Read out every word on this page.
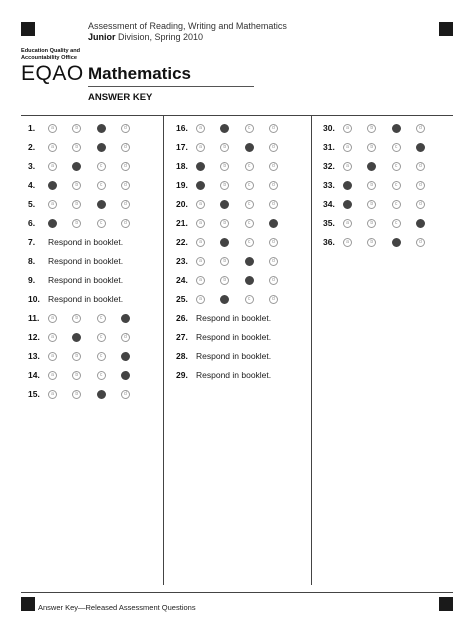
Assessment of Reading, Writing and Mathematics
Junior Division, Spring 2010
Education Quality and
Accountability Office
EQAO Mathematics
ANSWER KEY
1.	a	b	c	d
2.	a	b	c	d
3.	a	b	c	d
4.	a	b	c	d
5.	a	b	c	d
6.	a	b	c	d
7.	Respond in booklet.
8.	Respond in booklet.
9.	Respond in booklet.
10. Respond in booklet.
11.	a	b	c	d
12.	a	b	c	d
13.	a	b	c	d
14.	a	b	c	d
15.	a	b	c	d
16.	a	b	c	d
17.	a	b	c	d
18.	a	b	c	d
19.	a	b	c	d
20.	a	b	c	d
21.	a	b	c	d
22.	a	b	c	d
23.	a	b	c	d
24.	a	b	c	d
25.	a	b	c	d
26. Respond in booklet.
27. Respond in booklet.
28. Respond in booklet.
29. Respond in booklet.
30.	a	b	c	d
31.	a	b	c	d
32.	a	b	c	d
33.	a	b	c	d
34.	a	b	c	d
35.	a	b	c	d
36.	a	b	c	d
Answer Key—Released Assessment Questions
